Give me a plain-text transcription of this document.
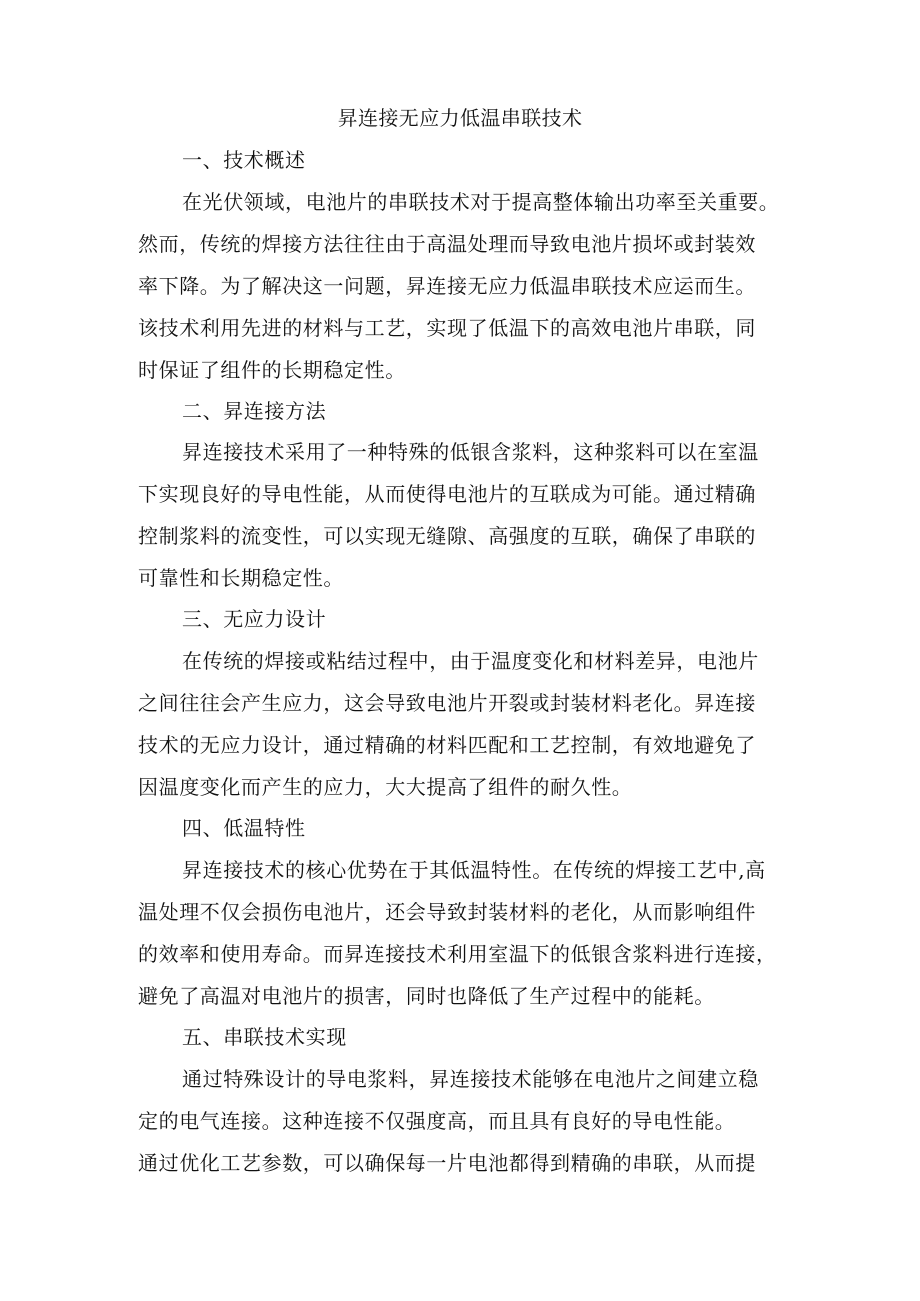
昇连接无应力低温串联技术
一、技术概述
在光伏领域，电池片的串联技术对于提高整体输出功率至关重要。
然而，传统的焊接方法往往由于高温处理而导致电池片损坏或封装效
率下降。为了解决这一问题，昇连接无应力低温串联技术应运而生。
该技术利用先进的材料与工艺，实现了低温下的高效电池片串联，同
时保证了组件的长期稳定性。
二、昇连接方法
昇连接技术采用了一种特殊的低银含浆料，这种浆料可以在室温
下实现良好的导电性能，从而使得电池片的互联成为可能。通过精确
控制浆料的流变性，可以实现无缝隙、高强度的互联，确保了串联的
可靠性和长期稳定性。
三、无应力设计
在传统的焊接或粘结过程中，由于温度变化和材料差异，电池片
之间往往会产生应力，这会导致电池片开裂或封装材料老化。昇连接
技术的无应力设计，通过精确的材料匹配和工艺控制，有效地避免了
因温度变化而产生的应力，大大提高了组件的耐久性。
四、低温特性
昇连接技术的核心优势在于其低温特性。在传统的焊接工艺中,高
温处理不仅会损伤电池片，还会导致封装材料的老化，从而影响组件
的效率和使用寿命。而昇连接技术利用室温下的低银含浆料进行连接，
避免了高温对电池片的损害，同时也降低了生产过程中的能耗。
五、串联技术实现
通过特殊设计的导电浆料，昇连接技术能够在电池片之间建立稳
定的电气连接。这种连接不仅强度高，而且具有良好的导电性能。
通过优化工艺参数，可以确保每一片电池都得到精确的串联，从而提
